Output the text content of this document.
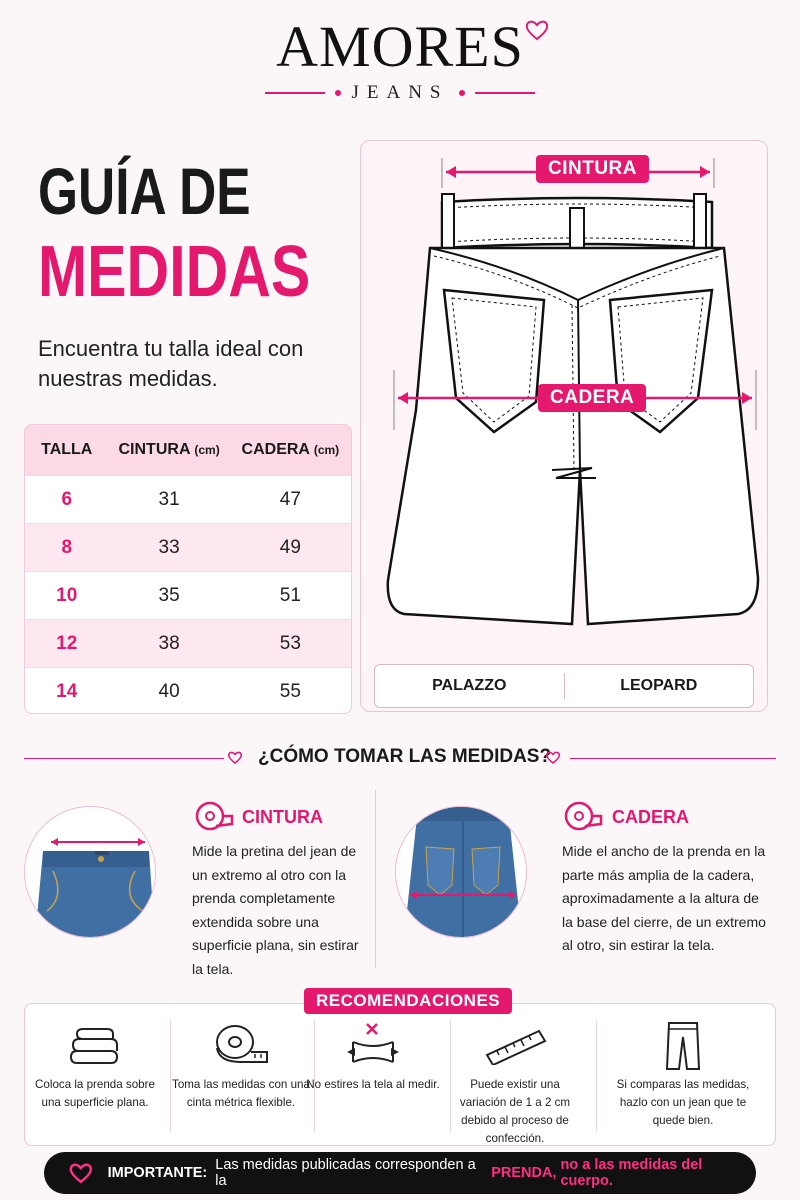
AMORES
JEANS
GUÍA DE
MEDIDAS
Encuentra tu talla ideal con nuestras medidas.
TALLA	CINTURA (cm)	CADERA (cm)
6	31	47
8	33	49
10	35	51
12	38	53
14	40	55
CINTURA
CADERA
PALAZZO	LEOPARD
¿CÓMO TOMAR LAS MEDIDAS?
CINTURA
Mide la pretina del jean de un extremo al otro con la prenda completamente extendida sobre una superficie plana, sin estirar la tela.
CADERA
Mide el ancho de la prenda en la parte más amplia de la cadera, aproximadamente a la altura de la base del cierre, de un extremo al otro, sin estirar la tela.
RECOMENDACIONES
Coloca la prenda sobre una superficie plana.
Toma las medidas con una cinta métrica flexible.
No estires la tela al medir.	Puede existir una variación de 1 a 2 cm debido al proceso de confección.
Si comparas las medidas, hazlo con un jean que te quede bien.
IMPORTANTE: Las medidas publicadas corresponden a la
	PRENDA,
no a las medidas del cuerpo.
